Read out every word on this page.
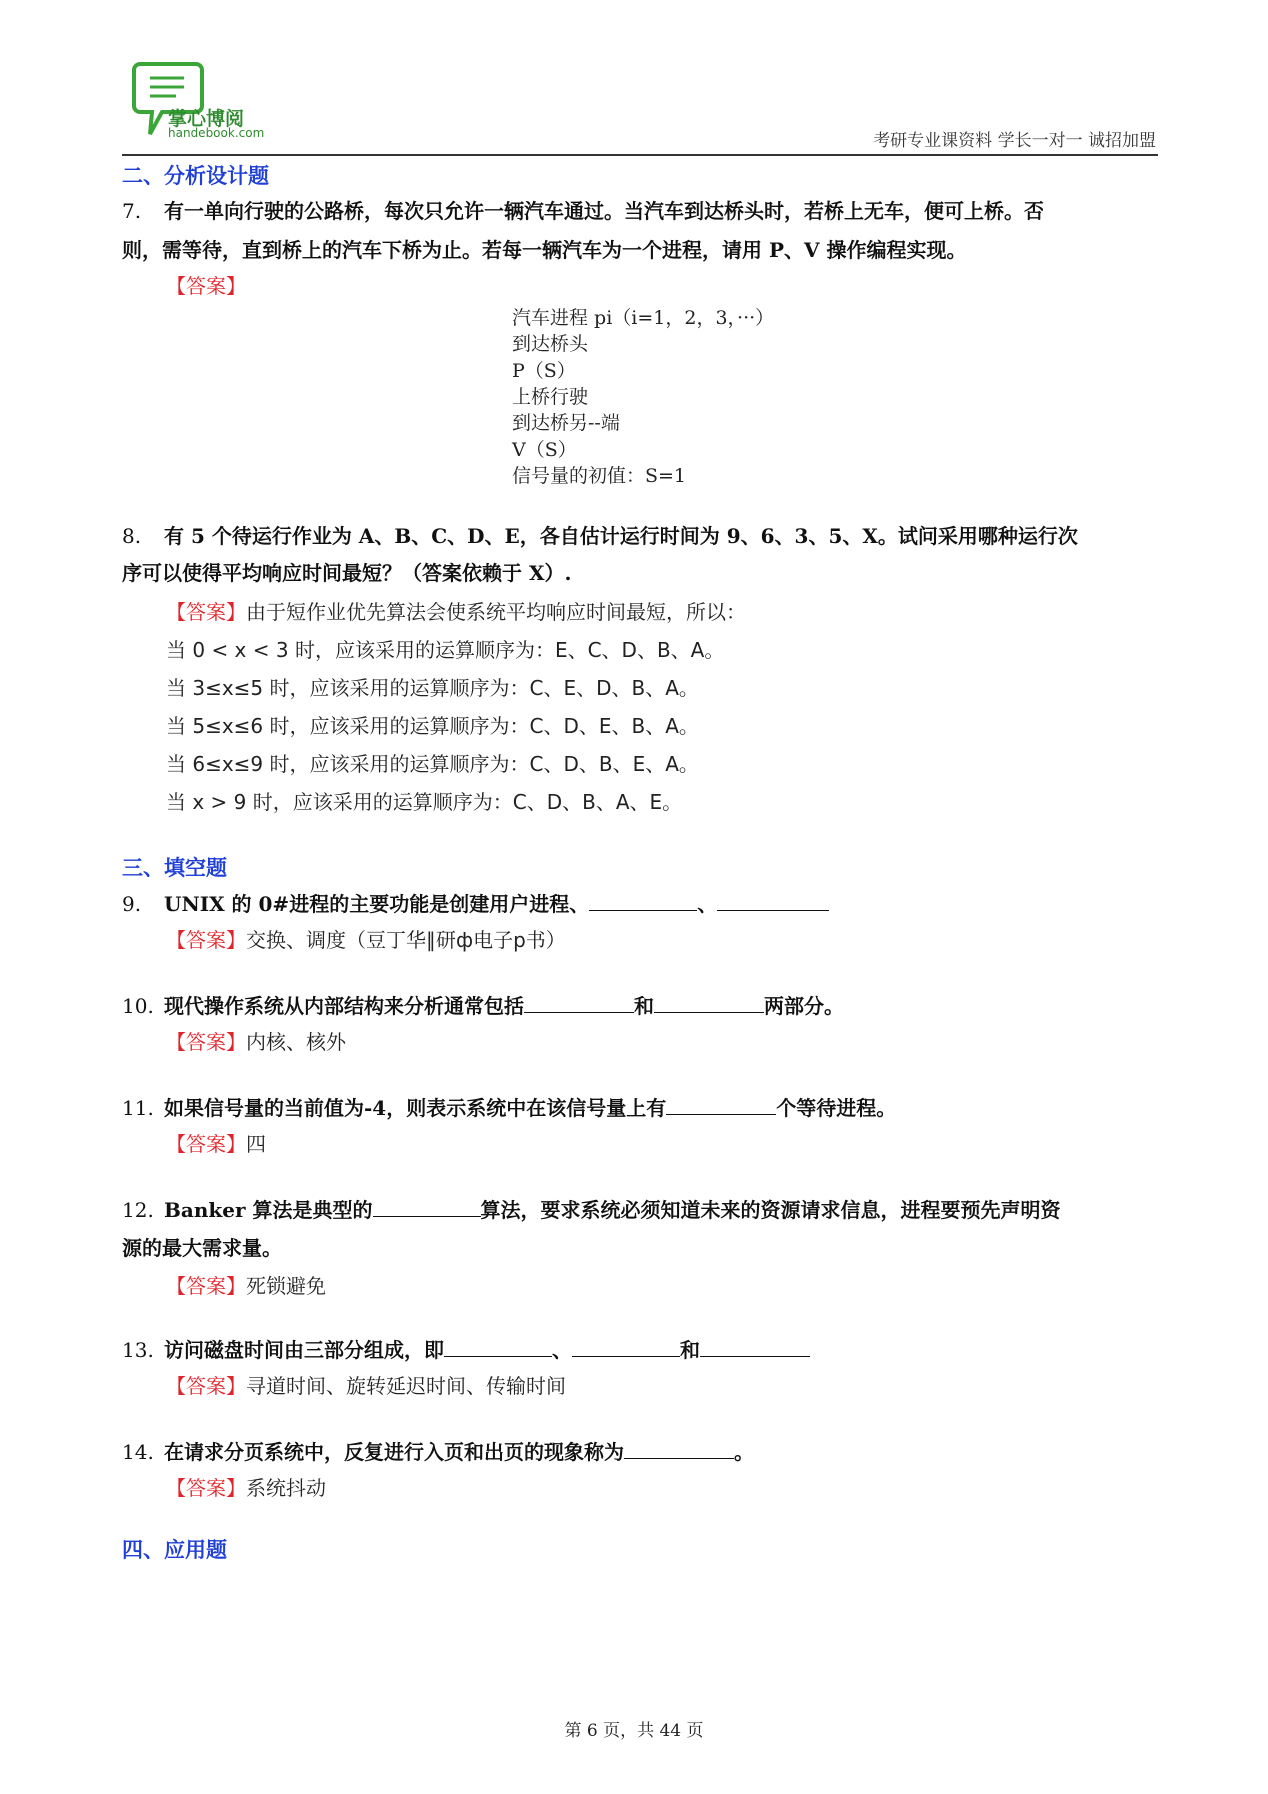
掌心博阅
handebook.com	考研专业课资料 学长一对一 诚招加盟
二、分析设计题
7. 有一单向行驶的公路桥，每次只允许一辆汽车通过。当汽车到达桥头时，若桥上无车，便可上桥。否
则，需等待，直到桥上的汽车下桥为止。若每一辆汽车为一个进程，请用 P、V 操作编程实现。
【答案】
汽车进程 pi（i=1，2，3，···）
到达桥头
P（S）
上桥行驶
到达桥另--端
V（S）
信号量的初值：S=1
8. 有 5 个待运行作业为 A、B、C、D、E，各自估计运行时间为 9、6、3、5、X。试问采用哪种运行次
序可以使得平均响应时间最短？（答案依赖于 X）.
【答案】由于短作业优先算法会使系统平均响应时间最短，所以：
当 0 < x < 3 时，应该采用的运算顺序为：E、C、D、B、A。
当 3≤x≤5 时，应该采用的运算顺序为：C、E、D、B、A。
当 5≤x≤6 时，应该采用的运算顺序为：C、D、E、B、A。
当 6≤x≤9 时，应该采用的运算顺序为：C、D、B、E、A。
当 x > 9 时，应该采用的运算顺序为：C、D、B、A、E。
三、填空题
9. UNIX 的 0#进程的主要功能是创建用户进程、	、
【答案】交换、调度（豆丁华∥研ф电子р书）
10. 现代操作系统从内部结构来分析通常包括	和	两部分。
【答案】内核、核外
11. 如果信号量的当前值为-4，则表示系统中在该信号量上有	个等待进程。
【答案】四
12. Banker 算法是典型的	算法，要求系统必须知道未来的资源请求信息，进程要预先声明资
源的最大需求量。
【答案】死锁避免
13. 访问磁盘时间由三部分组成，即	、	和
【答案】寻道时间、旋转延迟时间、传输时间
14. 在请求分页系统中，反复进行入页和出页的现象称为	。
【答案】系统抖动
四、应用题
第 6 页，共 44 页
